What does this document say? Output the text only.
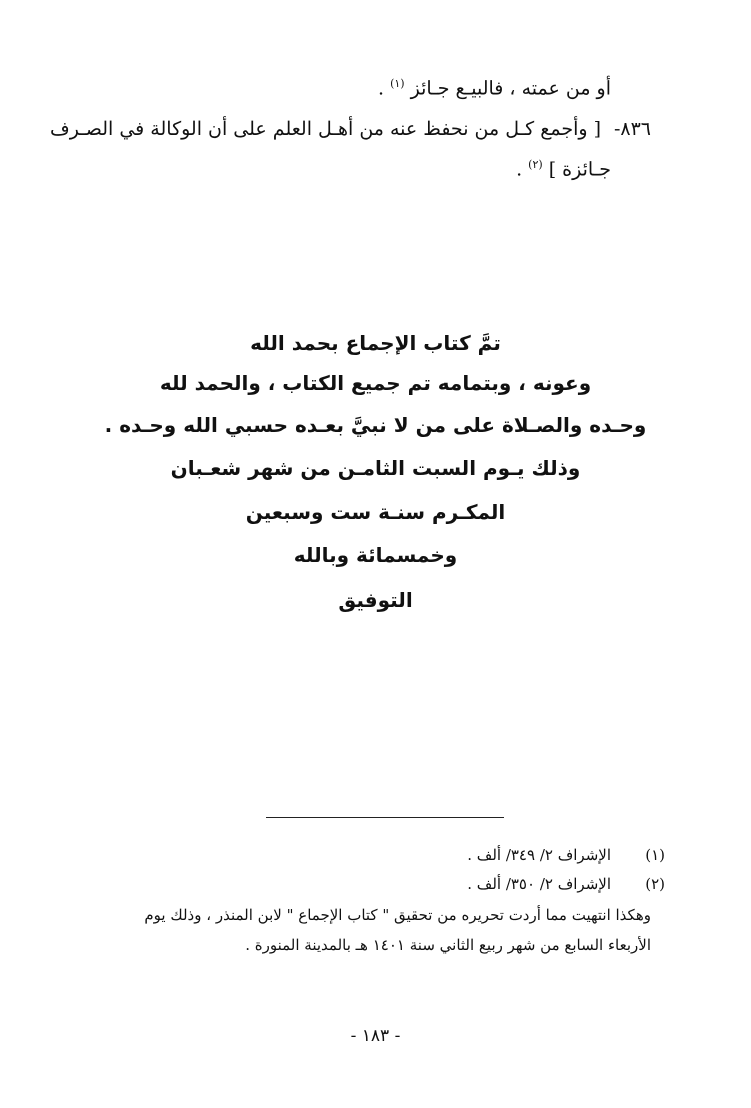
أو من عمته ، فالبيـع جـائز $^{(١)}$ .
٨٣٦-
[ وأجمع كـل من نحفظ عنه من أهـل العلم على أن الوكالة في الصـرف
جـائزة ] $^{(٢)}$ .
تمَّ كتاب الإجماع بحمد الله
وعونه ، وبتمامه تم جميع الكتاب ، والحمد لله
وحـده والصـلاة على من لا نبيَّ بعـده حسبي الله وحـده .
وذلك يـوم السبت الثامـن من شهر شعـبان
المكـرم سنـة ست وسبعين
وخمسمائة وبالله
التوفيق
(١)
الإشراف ٢/ ٣٤٩/ ألف .
(٢)
الإشراف ٢/ ٣٥٠/ ألف .
وهكذا انتهيت مما أردت تحريره من تحقيق " كتاب الإجماع " لابن المنذر ، وذلك يوم
الأربعاء السابع من شهر ربيع الثاني سنة ١٤٠١ هـ بالمدينة المنورة .
- ١٨٣ -
